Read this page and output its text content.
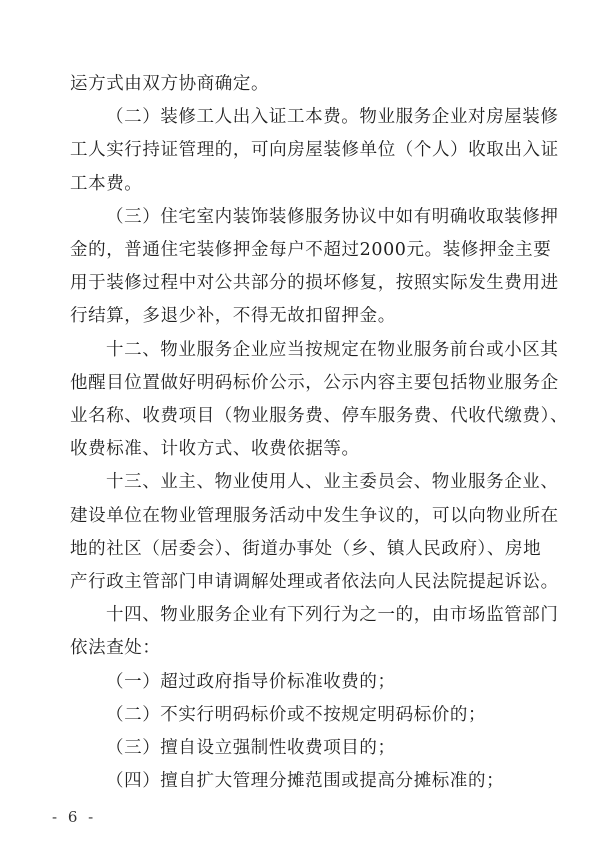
运方式由双方协商确定。
（二）装修工人出入证工本费。物业服务企业对房屋装修
工人实行持证管理的，可向房屋装修单位（个人）收取出入证
工本费。
（三）住宅室内装饰装修服务协议中如有明确收取装修押
金的，普通住宅装修押金每户不超过2000元。装修押金主要
用于装修过程中对公共部分的损坏修复，按照实际发生费用进
行结算，多退少补，不得无故扣留押金。
十二、物业服务企业应当按规定在物业服务前台或小区其
他醒目位置做好明码标价公示，公示内容主要包括物业服务企
业名称、收费项目（物业服务费、停车服务费、代收代缴费）、
收费标准、计收方式、收费依据等。
十三、业主、物业使用人、业主委员会、物业服务企业、
建设单位在物业管理服务活动中发生争议的，可以向物业所在
地的社区（居委会）、街道办事处（乡、镇人民政府）、房地
产行政主管部门申请调解处理或者依法向人民法院提起诉讼。
十四、物业服务企业有下列行为之一的，由市场监管部门
依法查处：
（一）超过政府指导价标准收费的；
（二）不实行明码标价或不按规定明码标价的；
（三）擅自设立强制性收费项目的；
（四）擅自扩大管理分摊范围或提高分摊标准的；
- 6 -
